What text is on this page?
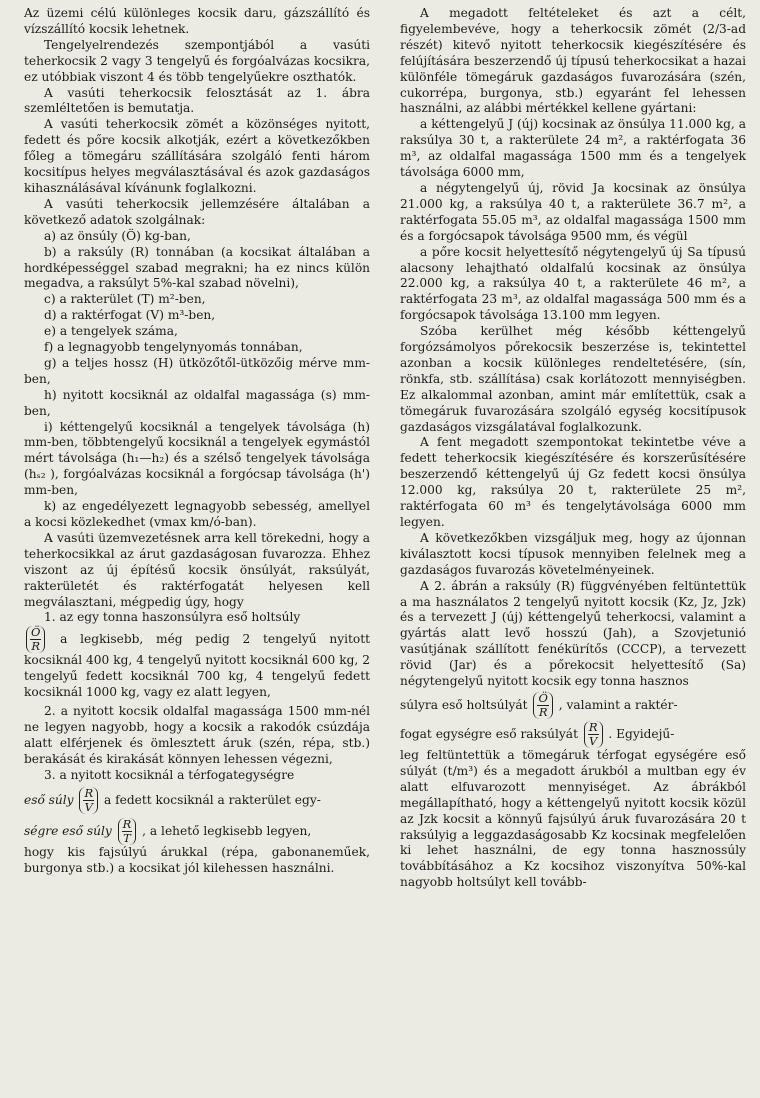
Az üzemi célú különleges kocsik daru, gázszállító és vízszállító kocsik lehetnek.

Tengelyelrendezés szempontjából a vasúti teherkocsik 2 vagy 3 tengelyű és forgóalvázas kocsikra, ez utóbbiak viszont 4 és több tengelyűekre oszthatók.

A vasúti teherkocsik felosztását az 1. ábra szemléltetően is bemutatja.

A vasúti teherkocsik zömét a közönséges nyitott, fedett és pőre kocsik alkotják, ezért a következőkben főleg a tömegáru szállítására szolgáló fenti három kocsitípus helyes megválasztásával és azok gazdaságos kihasználásával kívánunk foglalkozni.

A vasúti teherkocsik jellemzésére általában a következő adatok szolgálnak:

a) az önsúly (Ö) kg-ban,

b) a raksúly (R) tonnában (a kocsikat általában a hordképességgel szabad megrakni; ha ez nincs külön megadva, a raksúlyt 5%-kal szabad növelni),

c) a rakterület (T) m²-ben,

d) a raktérfogat (V) m³-ben,

e) a tengelyek száma,

f) a legnagyobb tengelynyomás tonnában,

g) a teljes hossz (H) ütközőtől-ütközőig mérve mm-ben,

h) nyitott kocsiknál az oldalfal magassága (s) mm-ben,

i) kéttengelyű kocsiknál a tengelyek távolsága (h) mm-ben, többtengelyű kocsiknál a tengelyek egymástól mért távolsága (h₁—h₂) és a szélső tengelyek távolsága (hₛ₂ ), forgóalvázas kocsiknál a forgócsap távolsága (h') mm-ben,

k) az engedélyezett legnagyobb sebesség, amellyel a kocsi közlekedhet (vmax km/ó-ban).

A vasúti üzemvezetésnek arra kell törekedni, hogy a teherkocsikkal az árut gazdaságosan fuvarozza. Ehhez viszont az új építésű kocsik önsúlyát, raksúlyát, rakterületét és raktérfogatát helyesen kell megválasztani, mégpedig úgy, hogy

1. az egy tonna haszonsúlyra eső holtsúly

$\frac{Ö}{R}$ a legkisebb, még pedig 2 tengelyű nyitott kocsiknál 400 kg, 4 tengelyű nyitott kocsiknál 600 kg, 2 tengelyű fedett kocsiknál 700 kg, 4 tengelyű fedett kocsiknál 1000 kg, vagy ez alatt legyen,

2. a nyitott kocsik oldalfal magassága 1500 mm-nél ne legyen nagyobb, hogy a kocsik a rakodók csúzdája alatt elférjenek és ömlesztett áruk (szén, répa, stb.) berakását és kirakását könnyen lehessen végezni,

3. a nyitott kocsiknál a térfogategységre

eső súly $\frac{R}{V}$ a fedett kocsiknál a rakterület egy-

ségre eső súly $\frac{R}{T}$ , a lehető legkisebb legyen,

hogy kis fajsúlyú árukkal (répa, gabonaneműek, burgonya stb.) a kocsikat jól kilehessen használni.

A megadott feltételeket és azt a célt, figyelembevéve, hogy a teherkocsik zömét (2/3-ad részét) kitevő nyitott teherkocsik kiegészítésére és felújítására beszerzendő új típusú teherkocsikat a hazai különféle tömegáruk gazdaságos fuvarozására (szén, cukorrépa, burgonya, stb.) egyaránt fel lehessen használni, az alábbi mértékkel kellene gyártani:

a kéttengelyű J (új) kocsinak az önsúlya 11.000 kg, a raksúlya 30 t, a rakterülete 24 m², a raktérfogata 36 m³, az oldalfal magassága 1500 mm és a tengelyek távolsága 6000 mm,

a négytengelyű új, rövid Ja kocsinak az önsúlya 21.000 kg, a raksúlya 40 t, a rakterülete 36.7 m², a raktérfogata 55.05 m³, az oldalfal magassága 1500 mm és a forgócsapok távolsága 9500 mm, és végül

a pőre kocsit helyettesítő négytengelyű új Sa típusú alacsony lehajtható oldalfalú kocsinak az önsúlya 22.000 kg, a raksúlya 40 t, a rakterülete 46 m², a raktérfogata 23 m³, az oldalfal magassága 500 mm és a forgócsapok távolsága 13.100 mm legyen.

Szóba kerülhet még később kéttengelyű forgózsámolyos pőrekocsik beszerzése is, tekintettel azonban a kocsik különleges rendeltetésére, (sín, rönkfa, stb. szállítása) csak korlátozott mennyiségben. Ez alkalommal azonban, amint már említettük, csak a tömegáruk fuvarozására szolgáló egység kocsitípusok gazdaságos vizsgálatával foglalkozunk.

A fent megadott szempontokat tekintetbe véve a fedett teherkocsik kiegészítésére és korszerűsítésére beszerzendő kéttengelyű új Gz fedett kocsi önsúlya 12.000 kg, raksúlya 20 t, rakterülete 25 m², raktérfogata 60 m³ és tengelytávolsága 6000 mm legyen.

A következőkben vizsgáljuk meg, hogy az újonnan kiválasztott kocsi típusok mennyiben felelnek meg a gazdaságos fuvarozás követelményeinek.

A 2. ábrán a raksúly (R) függvényében feltüntettük a ma használatos 2 tengelyű nyitott kocsik (Kz, Jz, Jzk) és a tervezett J (új) kéttengelyű teherkocsi, valamint a gyártás alatt levő hosszú (Jah), a Szovjetunió vasútjának szállított fenékürítős (CCCP), a tervezett rövid (Jar) és a pőrekocsit helyettesítő (Sa) négytengelyű nyitott kocsik egy tonna hasznos

súlyra eső holtsúlyát $\frac{Ö}{R}$ , valamint a raktér-

fogat egységre eső raksúlyát $\frac{R}{V}$ . Egyidejű-

leg feltüntettük a tömegáruk térfogat egységére eső súlyát (t/m³) és a megadott árukból a multban egy év alatt elfuvarozott mennyiséget. Az ábrákból megállapítható, hogy a kéttengelyű nyitott kocsik közül az Jzk kocsit a könnyű fajsúlyú áruk fuvarozására 20 t raksúlyig a leggazdaságosabb Kz kocsinak megfelelően ki lehet használni, de egy tonna hasznossúly továbbításához a Kz kocsihoz viszonyítva 50%-kal nagyobb holtsúlyt kell tovább-
